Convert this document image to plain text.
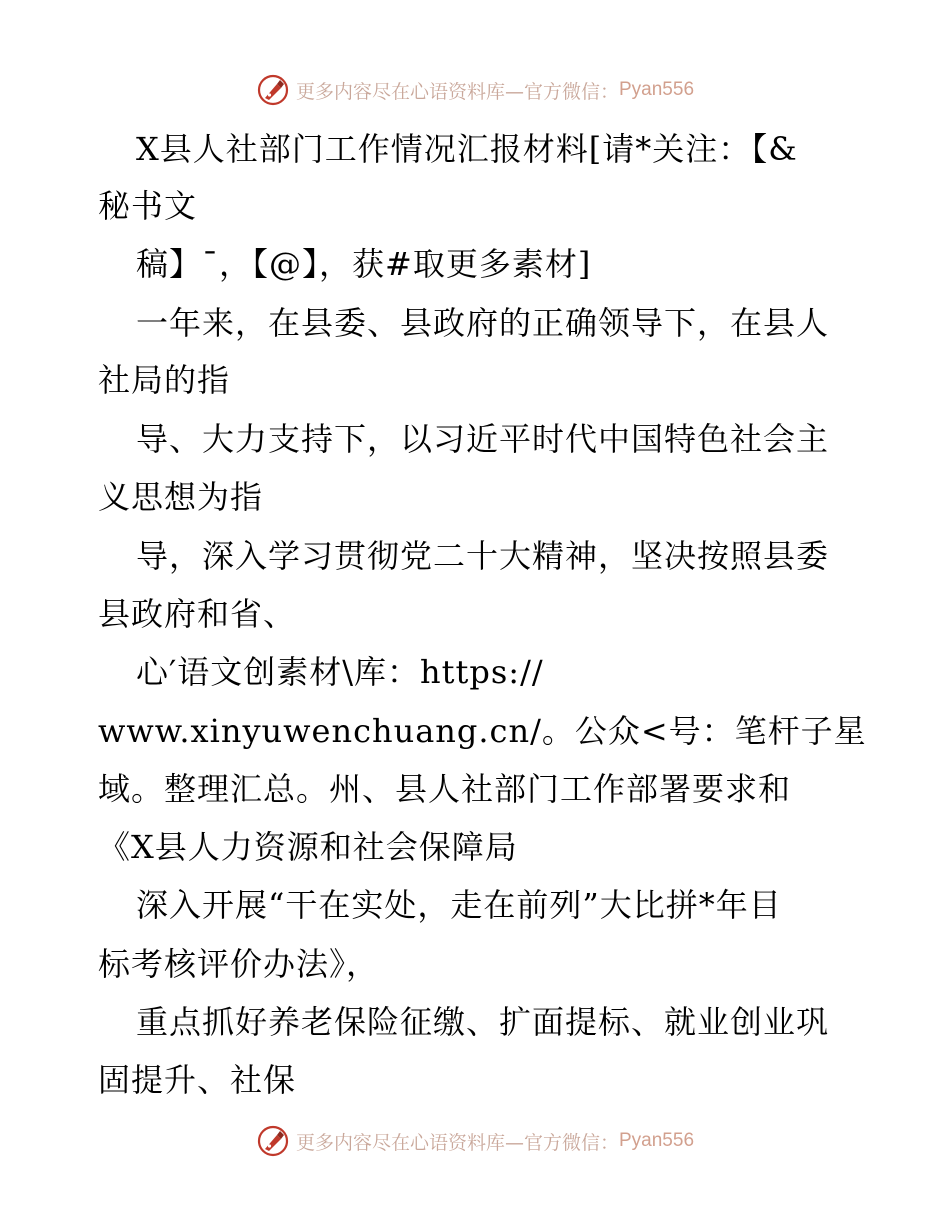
更多内容尽在心语资料库—官方微信： Pyan556
X县人社部门工作情况汇报材料[请*关注：【&
秘书文
稿】¯，【@】，获#取更多素材]
一年来，在县委、县政府的正确领导下，在县人
社局的指
导、大力支持下，以习近平时代中国特色社会主
义思想为指
导，深入学习贯彻党二十大精神，坚决按照县委
县政府和省、
心′语文创素材\库：https://
www.xinyuwenchuang.cn/。公众<号：笔杆子星
域。整理汇总。州、县人社部门工作部署要求和
《X县人力资源和社会保障局
深入开展“干在实处，走在前列”大比拼*年目
标考核评价办法》，
重点抓好养老保险征缴、扩面提标、就业创业巩
固提升、社保
更多内容尽在心语资料库—官方微信： Pyan556
